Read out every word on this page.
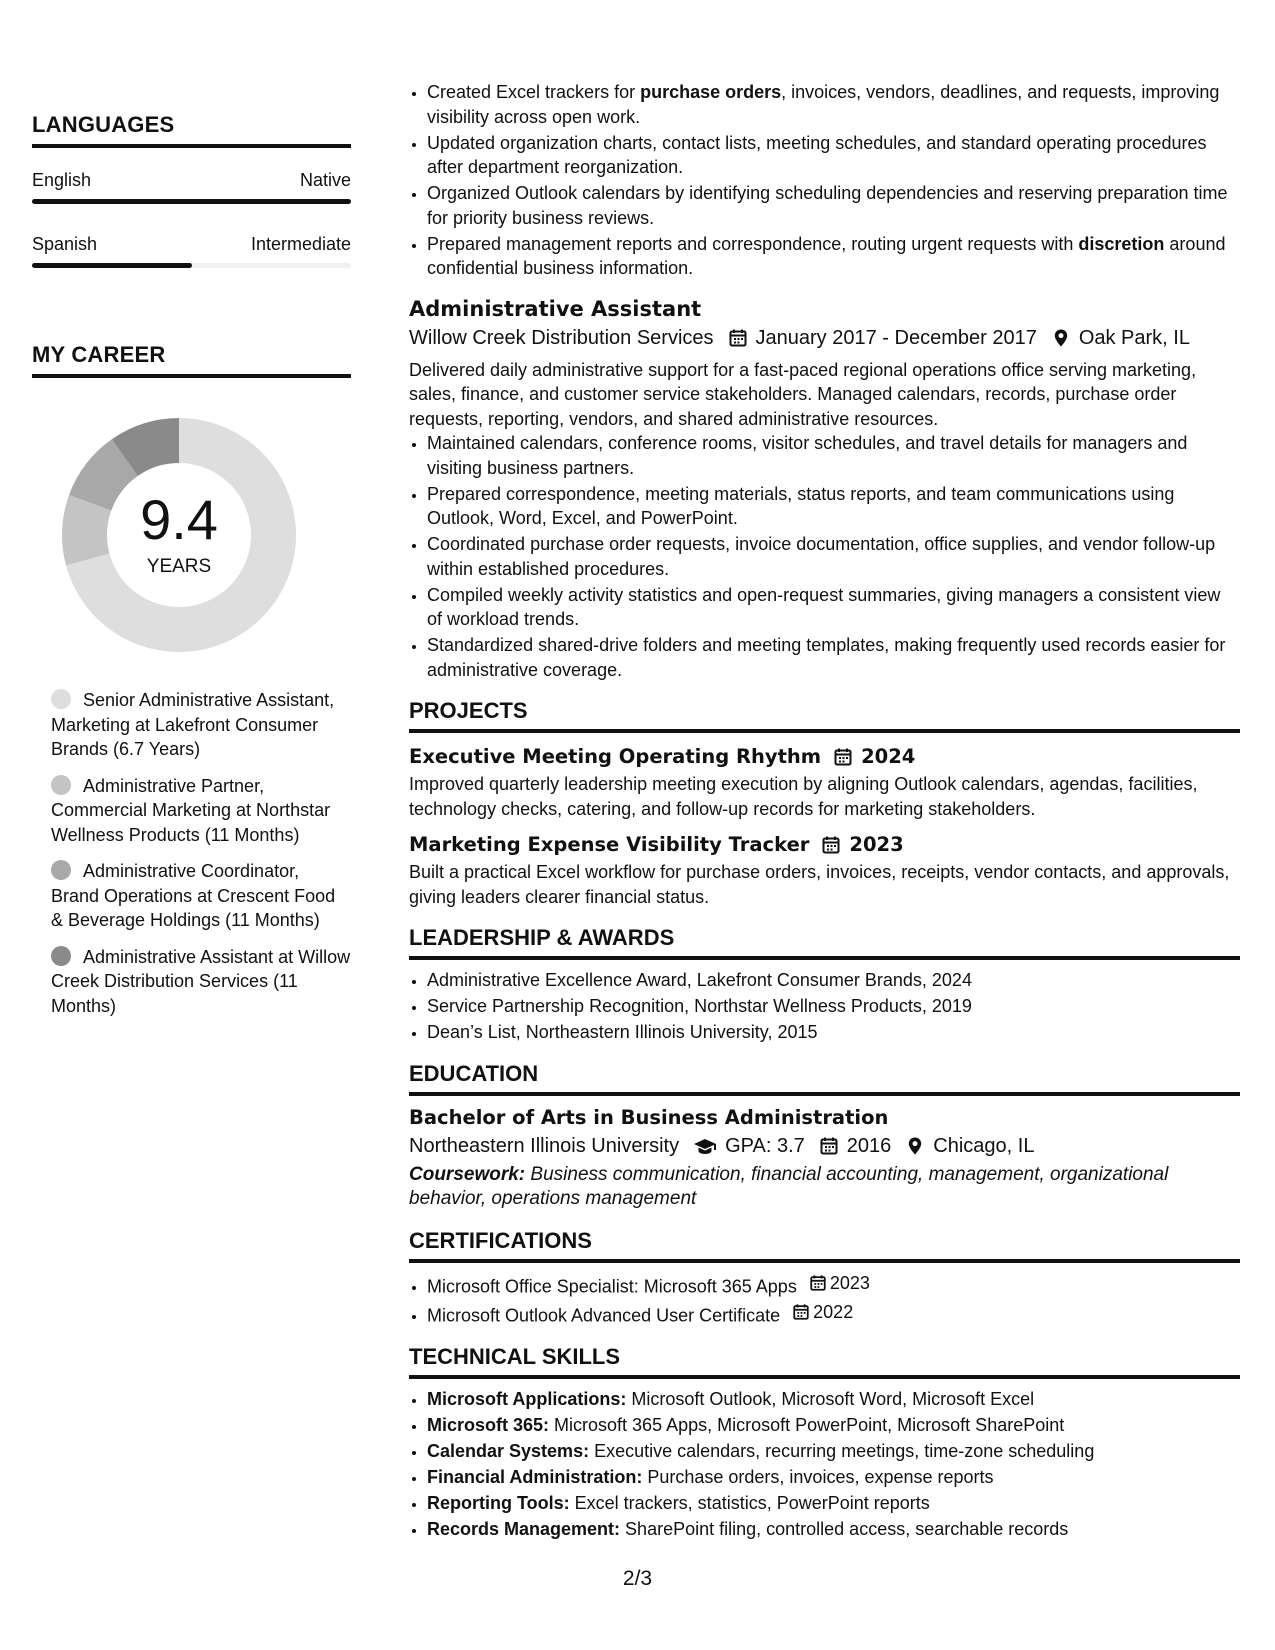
LANGUAGES
English	Native
Spanish	Intermediate
MY CAREER
9.4
YEARS
Senior Administrative Assistant, Marketing at Lakefront Consumer Brands (6.7 Years)
Administrative Partner, Commercial Marketing at Northstar Wellness Products (11 Months)
Administrative Coordinator, Brand Operations at Crescent Food & Beverage Holdings (11 Months)
Administrative Assistant at Willow Creek Distribution Services (11 Months)
• Created Excel trackers for purchase orders, invoices, vendors, deadlines, and requests, improving visibility across open work.
• Updated organization charts, contact lists, meeting schedules, and standard operating procedures after department reorganization.
• Organized Outlook calendars by identifying scheduling dependencies and reserving preparation time for priority business reviews.
• Prepared management reports and correspondence, routing urgent requests with discretion around confidential business information.
Administrative Assistant
Willow Creek Distribution Services January 2017 - December 2017 Oak Park, IL
Delivered daily administrative support for a fast-paced regional operations office serving marketing, sales, finance, and customer service stakeholders. Managed calendars, records, purchase order requests, reporting, vendors, and shared administrative resources.
• Maintained calendars, conference rooms, visitor schedules, and travel details for managers and visiting business partners.
• Prepared correspondence, meeting materials, status reports, and team communications using Outlook, Word, Excel, and PowerPoint.
• Coordinated purchase order requests, invoice documentation, office supplies, and vendor follow-up within established procedures.
• Compiled weekly activity statistics and open-request summaries, giving managers a consistent view of workload trends.
• Standardized shared-drive folders and meeting templates, making frequently used records easier for administrative coverage.
PROJECTS
Executive Meeting Operating Rhythm 2024
Improved quarterly leadership meeting execution by aligning Outlook calendars, agendas, facilities, technology checks, catering, and follow-up records for marketing stakeholders.
Marketing Expense Visibility Tracker 2023
Built a practical Excel workflow for purchase orders, invoices, receipts, vendor contacts, and approvals, giving leaders clearer financial status.
LEADERSHIP & AWARDS
• Administrative Excellence Award, Lakefront Consumer Brands, 2024
• Service Partnership Recognition, Northstar Wellness Products, 2019
• Dean’s List, Northeastern Illinois University, 2015
EDUCATION
Bachelor of Arts in Business Administration
Northeastern Illinois University GPA: 3.7 2016 Chicago, IL
Coursework: Business communication, financial accounting, management, organizational behavior, operations management
CERTIFICATIONS
• Microsoft Office Specialist: Microsoft 365 Apps 2023
• Microsoft Outlook Advanced User Certificate 2022
TECHNICAL SKILLS
• Microsoft Applications: Microsoft Outlook, Microsoft Word, Microsoft Excel
• Microsoft 365: Microsoft 365 Apps, Microsoft PowerPoint, Microsoft SharePoint
• Calendar Systems: Executive calendars, recurring meetings, time-zone scheduling
• Financial Administration: Purchase orders, invoices, expense reports
• Reporting Tools: Excel trackers, statistics, PowerPoint reports
• Records Management: SharePoint filing, controlled access, searchable records
2/3
